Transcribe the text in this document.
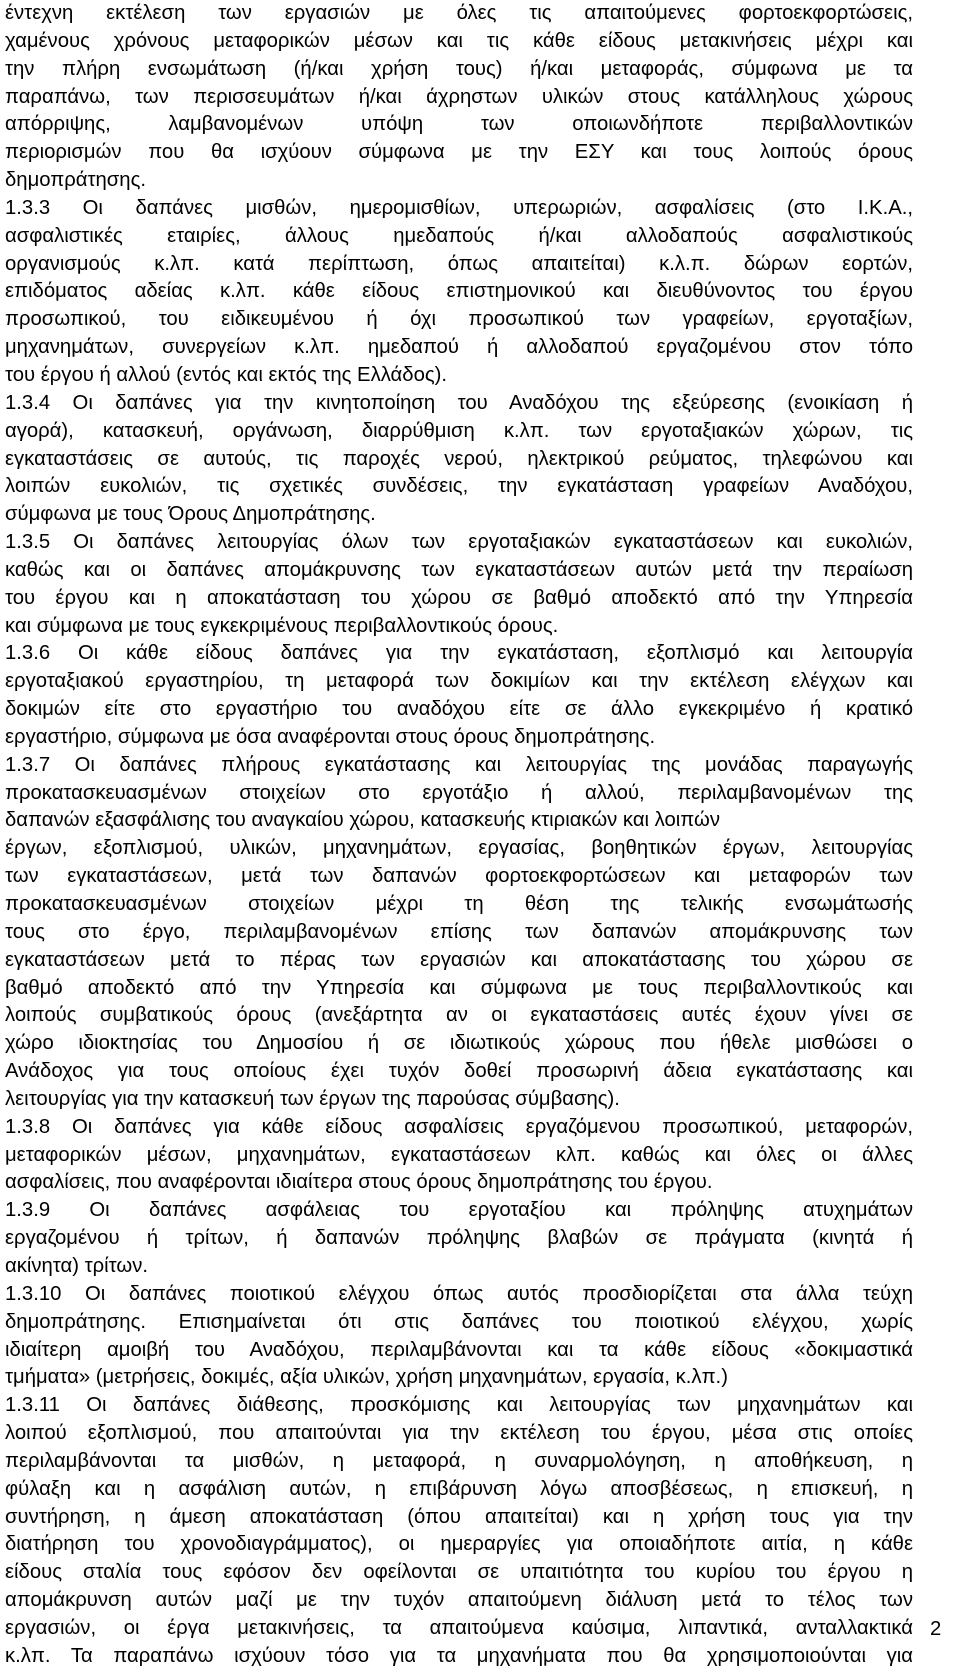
έντεχνη εκτέλεση των εργασιών με όλες τις απαιτούμενες φορτοεκφορτώσεις,
χαμένους χρόνους μεταφορικών μέσων και τις κάθε είδους μετακινήσεις μέχρι και
την πλήρη ενσωμάτωση (ή/και χρήση τους) ή/και μεταφοράς, σύμφωνα με τα
παραπάνω, των περισσευμάτων ή/και άχρηστων υλικών στους κατάλληλους χώρους
απόρριψης, λαμβανομένων υπόψη των οποιωνδήποτε περιβαλλοντικών
περιορισμών που θα ισχύουν σύμφωνα με την ΕΣΥ και τους λοιπούς όρους
δημοπράτησης.
1.3.3 Οι δαπάνες μισθών, ημερομισθίων, υπερωριών, ασφαλίσεις (στο Ι.Κ.Α.,
ασφαλιστικές εταιρίες, άλλους ημεδαπούς ή/και αλλοδαπούς ασφαλιστικούς
οργανισμούς κ.λπ. κατά περίπτωση, όπως απαιτείται) κ.λ.π. δώρων εορτών,
επιδόματος αδείας κ.λπ. κάθε είδους επιστημονικού και διευθύνοντος του έργου
προσωπικού, του ειδικευμένου ή όχι προσωπικού των γραφείων, εργοταξίων,
μηχανημάτων, συνεργείων κ.λπ. ημεδαπού ή αλλοδαπού εργαζομένου στον τόπο
του έργου ή αλλού (εντός και εκτός της Ελλάδος).
1.3.4 Οι δαπάνες για την κινητοποίηση του Αναδόχου της εξεύρεσης (ενοικίαση ή
αγορά), κατασκευή, οργάνωση, διαρρύθμιση κ.λπ. των εργοταξιακών χώρων, τις
εγκαταστάσεις σε αυτούς, τις παροχές νερού, ηλεκτρικού ρεύματος, τηλεφώνου και
λοιπών ευκολιών, τις σχετικές συνδέσεις, την εγκατάσταση γραφείων Αναδόχου,
σύμφωνα με τους Όρους Δημοπράτησης.
1.3.5 Οι δαπάνες λειτουργίας όλων των εργοταξιακών εγκαταστάσεων και ευκολιών,
καθώς και οι δαπάνες απομάκρυνσης των εγκαταστάσεων αυτών μετά την περαίωση
του έργου και η αποκατάσταση του χώρου σε βαθμό αποδεκτό από την Υπηρεσία
και σύμφωνα με τους εγκεκριμένους περιβαλλοντικούς όρους.
1.3.6 Οι κάθε είδους δαπάνες για την εγκατάσταση, εξοπλισμό και λειτουργία
εργοταξιακού εργαστηρίου, τη μεταφορά των δοκιμίων και την εκτέλεση ελέγχων και
δοκιμών είτε στο εργαστήριο του αναδόχου είτε σε άλλο εγκεκριμένο ή κρατικό
εργαστήριο, σύμφωνα με όσα αναφέρονται στους όρους δημοπράτησης.
1.3.7 Οι δαπάνες πλήρους εγκατάστασης και λειτουργίας της μονάδας παραγωγής
προκατασκευασμένων στοιχείων στο εργοτάξιο ή αλλού, περιλαμβανομένων της
δαπανών εξασφάλισης του αναγκαίου χώρου, κατασκευής κτιριακών και λοιπών
έργων, εξοπλισμού, υλικών, μηχανημάτων, εργασίας, βοηθητικών έργων, λειτουργίας
των εγκαταστάσεων, μετά των δαπανών φορτοεκφορτώσεων και μεταφορών των
προκατασκευασμένων στοιχείων μέχρι τη θέση της τελικής ενσωμάτωσής
τους στο έργο, περιλαμβανομένων επίσης των δαπανών απομάκρυνσης των
εγκαταστάσεων μετά το πέρας των εργασιών και αποκατάστασης του χώρου σε
βαθμό αποδεκτό από την Υπηρεσία και σύμφωνα με τους περιβαλλοντικούς και
λοιπούς συμβατικούς όρους (ανεξάρτητα αν οι εγκαταστάσεις αυτές έχουν γίνει σε
χώρο ιδιοκτησίας του Δημοσίου ή σε ιδιωτικούς χώρους που ήθελε μισθώσει ο
Ανάδοχος για τους οποίους έχει τυχόν δοθεί προσωρινή άδεια εγκατάστασης και
λειτουργίας για την κατασκευή των έργων της παρούσας σύμβασης).
1.3.8 Οι δαπάνες για κάθε είδους ασφαλίσεις εργαζόμενου προσωπικού, μεταφορών,
μεταφορικών μέσων, μηχανημάτων, εγκαταστάσεων κλπ. καθώς και όλες οι άλλες
ασφαλίσεις, που αναφέρονται ιδιαίτερα στους όρους δημοπράτησης του έργου.
1.3.9 Οι δαπάνες ασφάλειας του εργοταξίου και πρόληψης ατυχημάτων
εργαζομένου ή τρίτων, ή δαπανών πρόληψης βλαβών σε πράγματα (κινητά ή
ακίνητα) τρίτων.
1.3.10 Οι δαπάνες ποιοτικού ελέγχου όπως αυτός προσδιορίζεται στα άλλα τεύχη
δημοπράτησης. Επισημαίνεται ότι στις δαπάνες του ποιοτικού ελέγχου, χωρίς
ιδιαίτερη αμοιβή του Αναδόχου, περιλαμβάνονται και τα κάθε είδους «δοκιμαστικά
τμήματα» (μετρήσεις, δοκιμές, αξία υλικών, χρήση μηχανημάτων, εργασία, κ.λπ.)
1.3.11 Οι δαπάνες διάθεσης, προσκόμισης και λειτουργίας των μηχανημάτων και
λοιπού εξοπλισμού, που απαιτούνται για την εκτέλεση του έργου, μέσα στις οποίες
περιλαμβάνονται τα μισθών, η μεταφορά, η συναρμολόγηση, η αποθήκευση, η
φύλαξη και η ασφάλιση αυτών, η επιβάρυνση λόγω αποσβέσεως, η επισκευή, η
συντήρηση, η άμεση αποκατάσταση (όπου απαιτείται) και η χρήση τους για την
διατήρηση του χρονοδιαγράμματος), οι ημεραργίες για οποιαδήποτε αιτία, η κάθε
είδους σταλία τους εφόσον δεν οφείλονται σε υπαιτιότητα του κυρίου του έργου η
απομάκρυνση αυτών μαζί με την τυχόν απαιτούμενη διάλυση μετά το τέλος των
εργασιών, οι έργα μετακινήσεις, τα απαιτούμενα καύσιμα, λιπαντικά, ανταλλακτικά
κ.λπ. Τα παραπάνω ισχύουν τόσο για τα μηχανήματα που θα χρησιμοποιούνται για
2
